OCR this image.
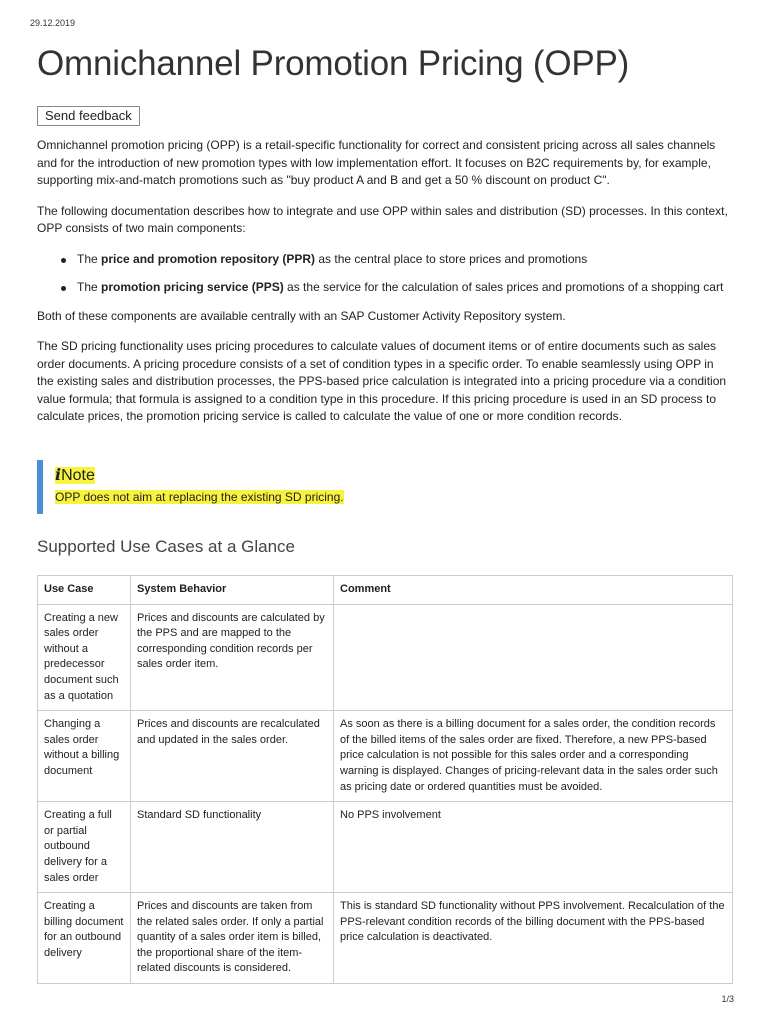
29.12.2019
Omnichannel Promotion Pricing (OPP)
Send feedback

Omnichannel promotion pricing (OPP) is a retail-specific functionality for correct and consistent pricing across all sales channels and for the introduction of new promotion types with low implementation effort. It focuses on B2C requirements by, for example, supporting mix-and-match promotions such as "buy product A and B and get a 50 % discount on product C".

The following documentation describes how to integrate and use OPP within sales and distribution (SD) processes. In this context, OPP consists of two main components:

The price and promotion repository (PPR) as the central place to store prices and promotions
The promotion pricing service (PPS) as the service for the calculation of sales prices and promotions of a shopping cart

Both of these components are available centrally with an SAP Customer Activity Repository system.

The SD pricing functionality uses pricing procedures to calculate values of document items or of entire documents such as sales order documents. A pricing procedure consists of a set of condition types in a specific order. To enable seamlessly using OPP in the existing sales and distribution processes, the PPS-based price calculation is integrated into a pricing procedure via a condition value formula; that formula is assigned to a condition type in this procedure. If this pricing procedure is used in an SD process to calculate prices, the promotion pricing service is called to calculate the value of one or more condition records.

iNote
OPP does not aim at replacing the existing SD pricing.
Supported Use Cases at a Glance
Use Case	System Behavior	Comment
Creating a new sales order without a predecessor document such as a quotation	Prices and discounts are calculated by the PPS and are mapped to the corresponding condition records per sales order item.	
Changing a sales order without a billing document	Prices and discounts are recalculated and updated in the sales order.	As soon as there is a billing document for a sales order, the condition records of the billed items of the sales order are fixed. Therefore, a new PPS-based price calculation is not possible for this sales order and a corresponding warning is displayed. Changes of pricing-relevant data in the sales order such as pricing date or ordered quantities must be avoided.
Creating a full or partial outbound delivery for a sales order	Standard SD functionality	No PPS involvement
Creating a billing document for an outbound delivery	Prices and discounts are taken from the related sales order. If only a partial quantity of a sales order item is billed, the proportional share of the item-related discounts is considered.	This is standard SD functionality without PPS involvement. Recalculation of the PPS-relevant condition records of the billing document with the PPS-based price calculation is deactivated.
1/3
